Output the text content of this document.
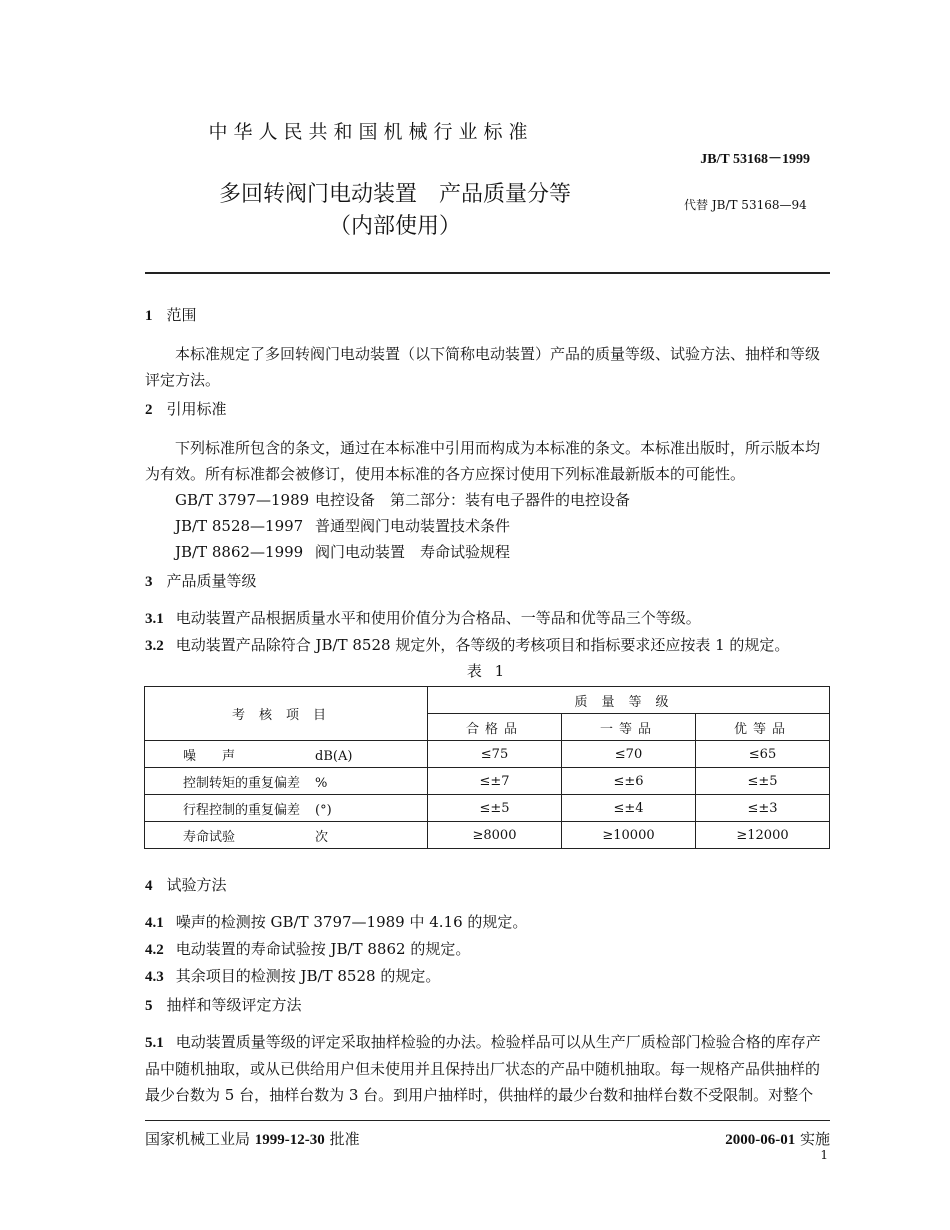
中华人民共和国机械行业标准
JB/T 53168－1999
多回转阀门电动装置　产品质量分等
（内部使用）
代替 JB/T 53168—94
1 范围
本标准规定了多回转阀门电动装置（以下简称电动装置）产品的质量等级、试验方法、抽样和等级评定方法。
2 引用标准
下列标准所包含的条文，通过在本标准中引用而构成为本标准的条文。本标准出版时，所示版本均为有效。所有标准都会被修订，使用本标准的各方应探讨使用下列标准最新版本的可能性。
GB/T 3797—1989 电控设备　第二部分：装有电子器件的电控设备
JB/T 8528—1997 普通型阀门电动装置技术条件
JB/T 8862—1999 阀门电动装置　寿命试验规程
3 产品质量等级
3.1 电动装置产品根据质量水平和使用价值分为合格品、一等品和优等品三个等级。
3.2 电动装置产品除符合 JB/T 8528 规定外，各等级的考核项目和指标要求还应按表 1 的规定。
表 1
考核项目	质量等级		
	合格品	一等品	优等品
噪　　声 dB(A)	≤75	≤70	≤65
控制转矩的重复偏差 %	≤±7	≤±6	≤±5
行程控制的重复偏差 (°)	≤±5	≤±4	≤±3
寿命试验 次	≥8000	≥10000	≥12000
4 试验方法
4.1 噪声的检测按 GB/T 3797—1989 中 4.16 的规定。
4.2 电动装置的寿命试验按 JB/T 8862 的规定。
4.3 其余项目的检测按 JB/T 8528 的规定。
5 抽样和等级评定方法
5.1 电动装置质量等级的评定采取抽样检验的办法。检验样品可以从生产厂质检部门检验合格的库存产品中随机抽取，或从已供给用户但未使用并且保持出厂状态的产品中随机抽取。每一规格产品供抽样的最少台数为 5 台，抽样台数为 3 台。到用户抽样时，供抽样的最少台数和抽样台数不受限制。对整个
国家机械工业局 1999-12-30 批准	2000-06-01 实施
1
